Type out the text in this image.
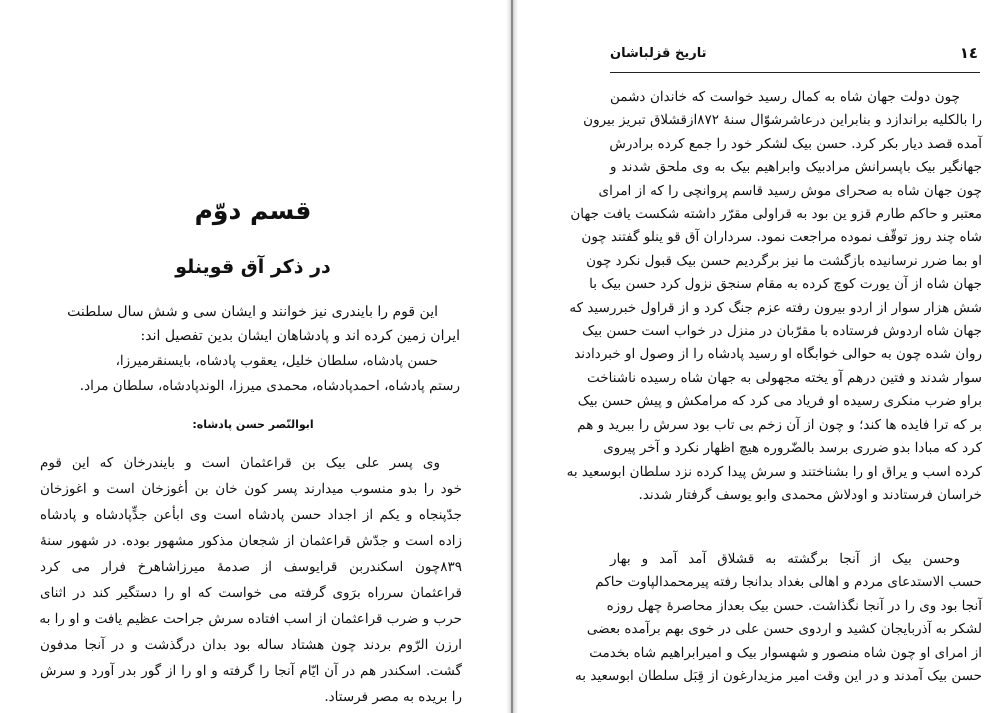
قسم دوّم
در ذکر آق قوینلو
این قوم را بایندری نیز خوانند و ایشان سی و شش سال سلطنت
ایران زمین کرده اند و پادشاهان ایشان بدین تفصیل اند:
حسن پادشاه، سلطان خلیل، یعقوب پادشاه، بایسنقرمیرزا،
رستم پادشاه، احمدپادشاه، محمدی میرزا، الوندپادشاه، سلطان مراد.
ابوالنّصر حسن پادشاه:
وی پسر علی بیک بن قراعثمان است و بایندرخان که این قوم
خود را بدو منسوب میدارند پسر کون خان بن أغوزخان است و اغوزخان
جدّپنجاه و یکم از اجداد حسن پادشاه است وی ابأعن جدٍّپادشاه و پادشاه
زاده است و جدّش قراعثمان از شجعان مذکور مشهور بوده. در شهور سنهٔ
۸۳۹چون اسکندربن قرایوسف از صدمهٔ میرزاشاهرخ فرار می کرد
قراعثمان سرراه برَوی گرفته می خواست که او را دستگیر کند در اثنای
حرب و ضرب قراعثمان از اسب افتاده سرش جراحت عظیم یافت و او را به
ارزن الرّوم بردند چون هشتاد ساله بود بدان درگذشت و در آنجا مدفون
گشت. اسکندر هم در آن ایّام آنجا را گرفته و او را از گور بدر آورد و سرش
را بریده به مصر فرستاد.
١٤
تاریخ قزلباشان
چون دولت جهان شاه به کمال رسید خواست که خاندان دشمن
را بالکلیه براندازد و بنابراین درعاشرشوّال سنهٔ ۸۷۲ازقشلاق تبریز بیرون
آمده قصد دیار بکر کرد. حسن بیک لشکر خود را جمع کرده برادرش
جهانگیر بیک باپسرانش مرادبیک وابراهیم بیک به وی ملحق شدند و
چون جهان شاه به صحرای موش رسید قاسم پروانچی را که از امرای
معتبر و حاکم طارم قزو ین بود به قراولی مقرّر داشته شکست یافت جهان
شاه چند روز توقّف نموده مراجعت نمود. سرداران آق قو ینلو گفتند چون
او بما ضرر نرسانیده بازگشت ما نیز برگردیم حسن بیک قبول نکرد چون
جهان شاه از آن یورت کوچ کرده به مقام سنجق نزول کرد حسن بیک با
شش هزار سوار از اردو بیرون رفته عزم جنگ کرد و از قراول خبررسید که
جهان شاه اردوش فرستاده با مقرّبان در منزل در خواب است حسن بیک
روان شده چون به حوالی خوابگاه او رسید پادشاه را از وصول او خبردادند
سوار شدند و فتین درهم آو یخته مجهولی به جهان شاه رسیده ناشناخت
براو ضرب منکری رسیده او فریاد می کرد که مرامکش و پیش حسن بیک
بر که ترا فایده ها کند؛ و چون از آن زخم بی تاب بود سرش را ببرید و هم
کرد که مبادا بدو ضرری برسد بالضّروره هیچ اظهار نکرد و آخر پیروی
کرده اسب و یراق او را بشناختند و سرش پیدا کرده نزد سلطان ابوسعید به
خراسان فرستادند و اودلاش محمدی وابو یوسف گرفتار شدند.
وحسن بیک از آنجا برگشته به قشلاق آمد آمد و بهار
حسب الاستدعای مردم و اهالی بغداد بدانجا رفته پیرمحمدالپاوت حاکم
آنجا بود وی را در آنجا نگذاشت. حسن بیک بعداز محاصرهٔ چهل روزه
لشکر به آذربایجان کشید و اردوی حسن علی در خوی بهم برآمده بعضی
از امرای او چون شاه منصور و شهسوار بیک و امیرابراهیم شاه بخدمت
حسن بیک آمدند و در این وقت امیر مزیدارغون از قِبَل سلطان ابوسعید به
